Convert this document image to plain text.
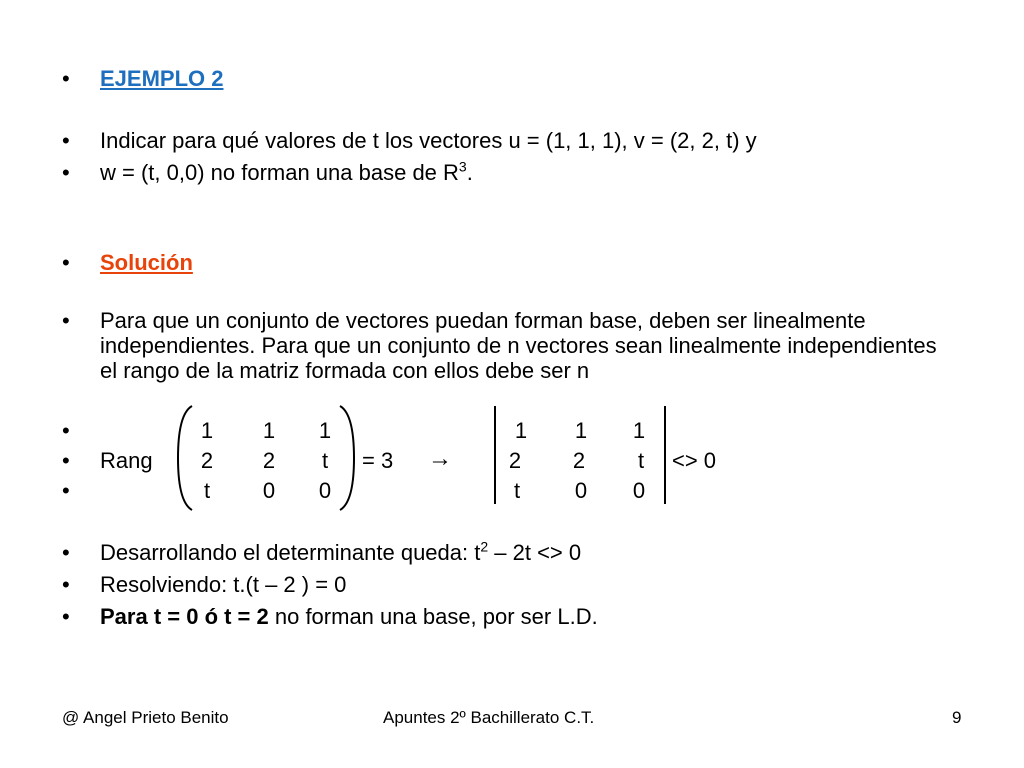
• EJEMPLO 2
• Indicar para qué valores de t los vectores u = (1, 1, 1), v = (2, 2, t) y
• w = (t, 0,0) no forman una base de $R^3$.
• Solución
• Para que un conjunto de vectores puedan forman base, deben ser linealmente independientes. Para que un conjunto de n vectores sean linealmente independientes el rango de la matriz formada con ellos debe ser n
•
• Rang
•
1	1	1
2	2	t
t	0	0
= 3 →
1	1	1
2	2	t
t	0	0
<> 0
• Desarrollando el determinante queda: $t^2 - 2t <> 0$
• Resolviendo: t.(t – 2 ) = 0
• Para t = 0 ó t = 2 no forman una base, por ser L.D.
@ Angel Prieto Benito	Apuntes 2º Bachillerato C.T.	9
